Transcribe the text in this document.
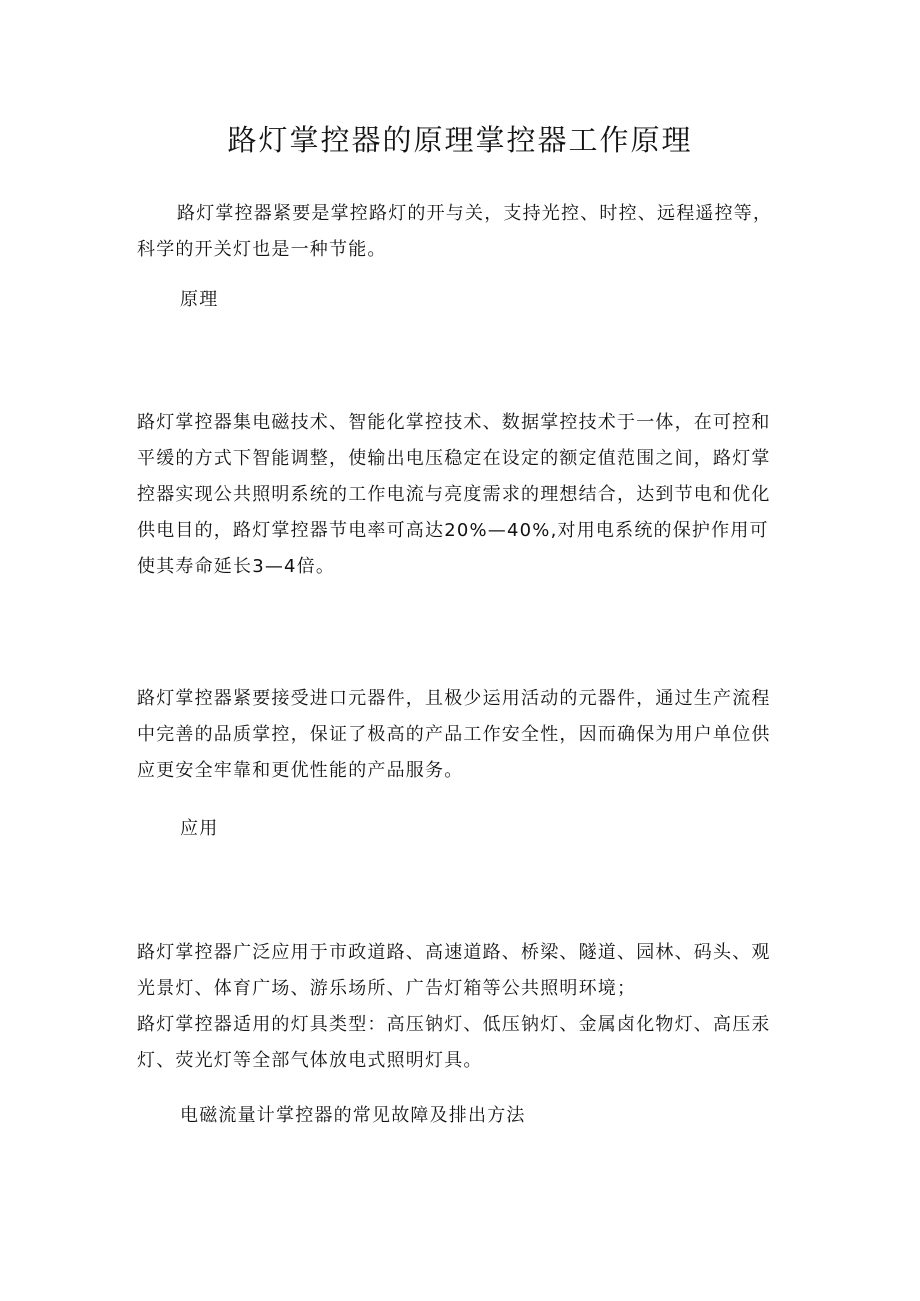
路灯掌控器的原理掌控器工作原理

路灯掌控器紧要是掌控路灯的开与关，支持光控、时控、远程遥控等，科学的开关灯也是一种节能。

原理

路灯掌控器集电磁技术、智能化掌控技术、数据掌控技术于一体，在可控和平缓的方式下智能调整，使输出电压稳定在设定的额定值范围之间，路灯掌控器实现公共照明系统的工作电流与亮度需求的理想结合，达到节电和优化供电目的，路灯掌控器节电率可高达20%—40%,对用电系统的保护作用可使其寿命延长3—4倍。

路灯掌控器紧要接受进口元器件，且极少运用活动的元器件，通过生产流程中完善的品质掌控，保证了极高的产品工作安全性，因而确保为用户单位供应更安全牢靠和更优性能的产品服务。

应用

路灯掌控器广泛应用于市政道路、高速道路、桥梁、隧道、园林、码头、观光景灯、体育广场、游乐场所、广告灯箱等公共照明环境；

路灯掌控器适用的灯具类型：高压钠灯、低压钠灯、金属卤化物灯、高压汞灯、荧光灯等全部气体放电式照明灯具。

电磁流量计掌控器的常见故障及排出方法
